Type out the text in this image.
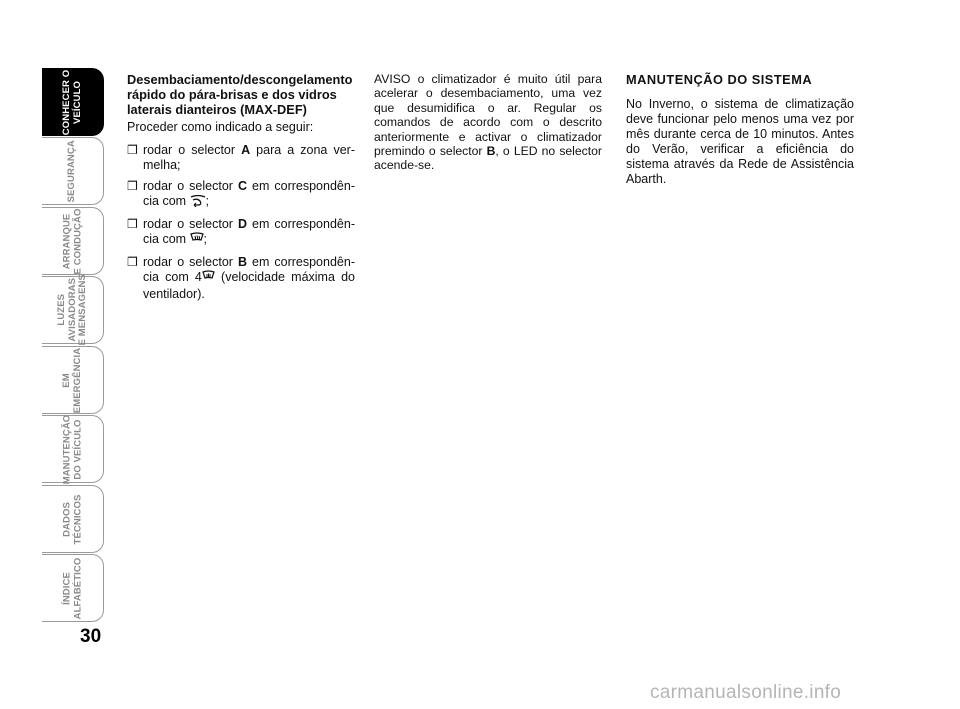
CONHECER O
VEÍCULO
SEGURANÇA
ARRANQUE
E CONDUÇÃO
LUZES
AVISADORAS
E MENSAGENS
EM
EMERGÊNCIA
MANUTENÇÃO
DO VEÍCULO
DADOS
TÉCNICOS
ÍNDICE
ALFABÉTICO
30

Desembaciamento/descongelamento rápido do pára-brisas e dos vidros laterais dianteiros (MAX-DEF)

Proceder como indicado a seguir:

❒ rodar o selector A para a zona vermelha;
❒ rodar o selector C em correspondência com ;
❒ rodar o selector D em correspondência com ;
❒ rodar o selector B em correspondência com 4 (velocidade máxima do ventilador).

AVISO o climatizador é muito útil para acelerar o desembaciamento, uma vez que desumidifica o ar. Regular os comandos de acordo com o descrito anteriormente e activar o climatizador premindo o selector B, o LED no selector acende-se.

MANUTENÇÃO DO SISTEMA

No Inverno, o sistema de climatização deve funcionar pelo menos uma vez por mês durante cerca de 10 minutos. Antes do Verão, verificar a eficiência do sistema através da Rede de Assistência Abarth.

carmanualsonline.info
